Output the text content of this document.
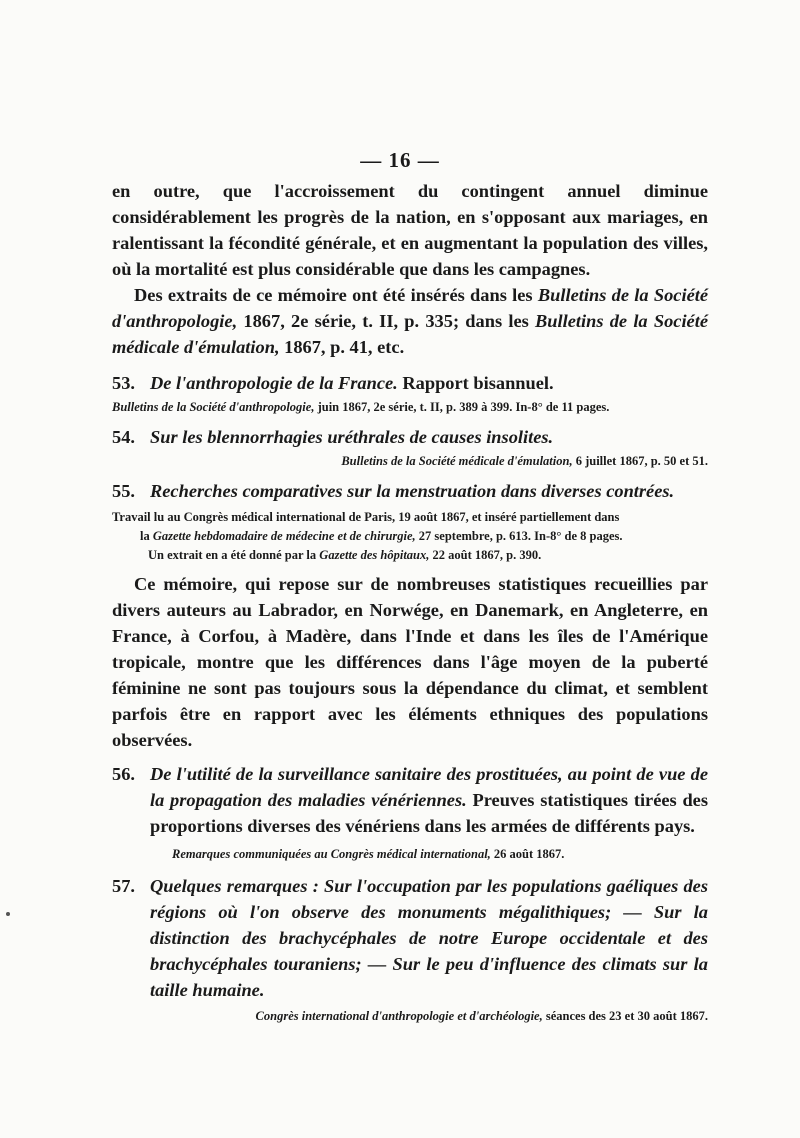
— 16 —

en outre, que l'accroissement du contingent annuel diminue considérablement les progrès de la nation, en s'opposant aux mariages, en ralentissant la fécondité générale, et en augmentant la population des villes, où la mortalité est plus considérable que dans les campagnes.

Des extraits de ce mémoire ont été insérés dans les Bulletins de la Société d'anthropologie, 1867, 2e série, t. II, p. 335; dans les Bulletins de la Société médicale d'émulation, 1867, p. 41, etc.

53. De l'anthropologie de la France. Rapport bisannuel.
Bulletins de la Société d'anthropologie, juin 1867, 2e série, t. II, p. 389 à 399. In-8° de 11 pages.
54. Sur les blennorrhagies uréthrales de causes insolites.
Bulletins de la Société médicale d'émulation, 6 juillet 1867, p. 50 et 51.
55. Recherches comparatives sur la menstruation dans diverses contrées.

Travail lu au Congrès médical international de Paris, 19 août 1867, et inséré partiellement dans

la Gazette hebdomadaire de médecine et de chirurgie, 27 septembre, p. 613. In-8° de 8 pages.

Un extrait en a été donné par la Gazette des hôpitaux, 22 août 1867, p. 390.

Ce mémoire, qui repose sur de nombreuses statistiques recueillies par divers auteurs au Labrador, en Norwége, en Danemark, en Angleterre, en France, à Corfou, à Madère, dans l'Inde et dans les îles de l'Amérique tropicale, montre que les différences dans l'âge moyen de la puberté féminine ne sont pas toujours sous la dépendance du climat, et semblent parfois être en rapport avec les éléments ethniques des populations observées.

56. De l'utilité de la surveillance sanitaire des prostituées, au point de vue de la propagation des maladies vénériennes. Preuves statistiques tirées des proportions diverses des vénériens dans les armées de différents pays.
Remarques communiquées au Congrès médical international, 26 août 1867.
57. Quelques remarques : Sur l'occupation par les populations gaéliques des régions où l'on observe des monuments mégalithiques; — Sur la distinction des brachycéphales de notre Europe occidentale et des brachycéphales touraniens; — Sur le peu d'influence des climats sur la taille humaine.
Congrès international d'anthropologie et d'archéologie, séances des 23 et 30 août 1867.
